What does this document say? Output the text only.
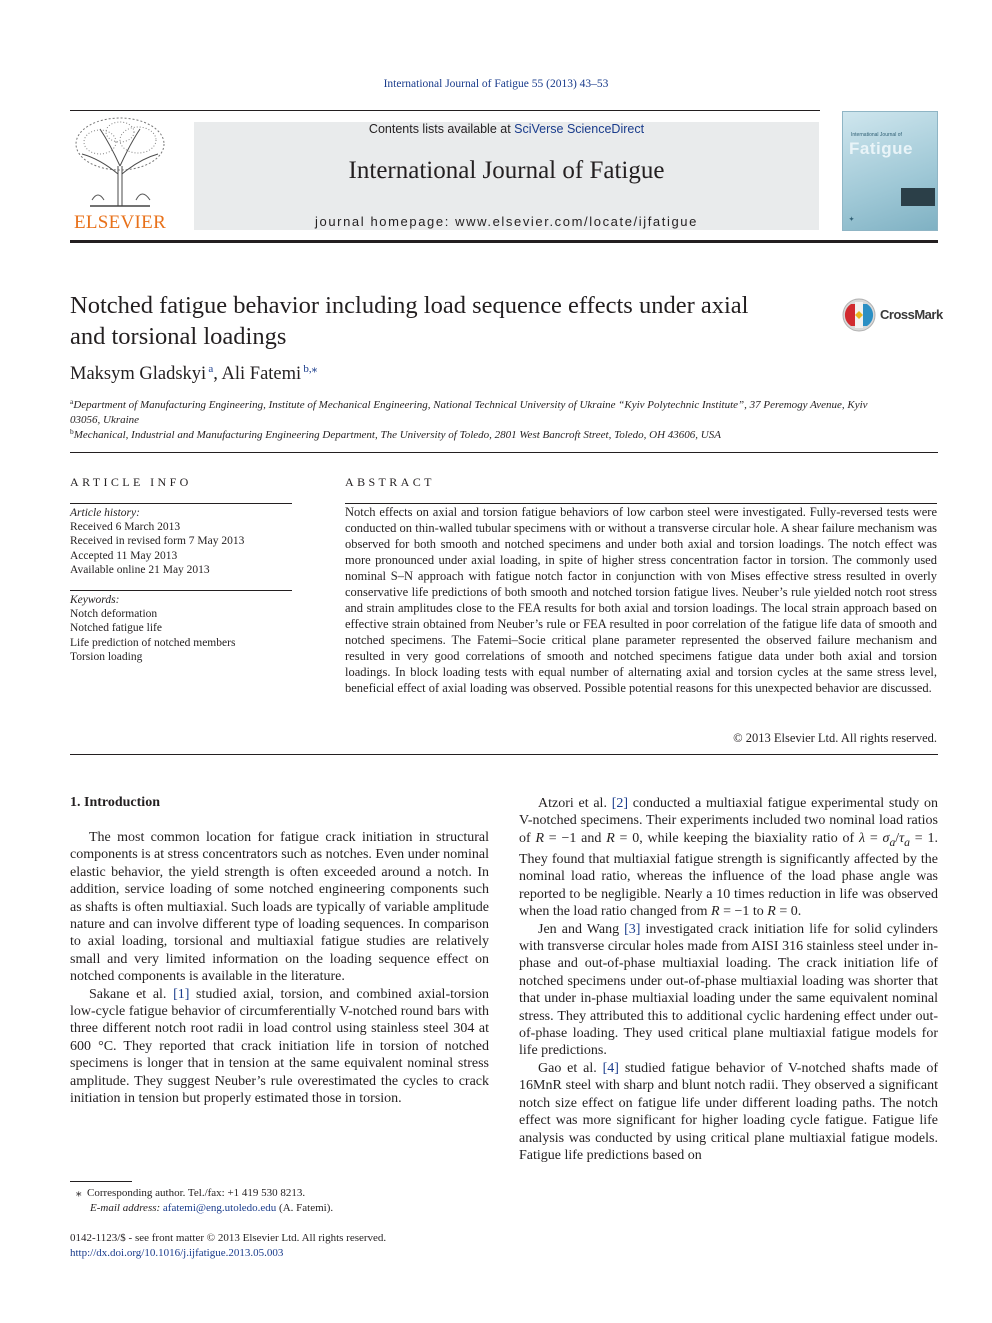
International Journal of Fatigue 55 (2013) 43–53
ELSEVIER
Contents lists available at SciVerse ScienceDirect
International Journal of Fatigue
journal homepage: www.elsevier.com/locate/ijfatigue
International Journal of
Fatigue
✦
Notched fatigue behavior including load sequence effects under axial
and torsional loadings
CrossMark
Maksym Gladskyi  $^a$, Ali Fatemi  $^{b,⁎}$
$^a$Department of Manufacturing Engineering, Institute of Mechanical Engineering, National Technical University of Ukraine “Kyiv Polytechnic Institute”, 37 Peremogy Avenue, Kyiv
03056, Ukraine
$^b$Mechanical, Industrial and Manufacturing Engineering Department, The University of Toledo, 2801 West Bancroft Street, Toledo, OH 43606, USA
ARTICLE INFO
Article history:
Received 6 March 2013
Received in revised form 7 May 2013
Accepted 11 May 2013
Available online 21 May 2013
Keywords:
Notch deformation
Notched fatigue life
Life prediction of notched members
Torsion loading
ABSTRACT
Notch effects on axial and torsion fatigue behaviors of low carbon steel were investigated. Fully-reversed tests were conducted on thin-walled tubular specimens with or without a transverse circular hole. A shear failure mechanism was observed for both smooth and notched specimens and under both axial and torsion loadings. The notch effect was more pronounced under axial loading, in spite of higher stress concentration factor in torsion. The commonly used nominal S–N approach with fatigue notch factor in conjunction with von Mises effective stress resulted in overly conservative life predictions of both smooth and notched torsion fatigue lives. Neuber’s rule yielded notch root stress and strain amplitudes close to the FEA results for both axial and torsion loadings. The local strain approach based on effective strain obtained from Neuber’s rule or FEA resulted in poor correlation of the fatigue life data of smooth and notched specimens. The Fatemi–Socie critical plane parameter represented the observed failure mechanism and resulted in very good correlations of smooth and notched specimens fatigue data under both axial and torsion loadings. In block loading tests with equal number of alternating axial and torsion cycles at the same stress level, beneficial effect of axial loading was observed. Possible potential reasons for this unexpected behavior are discussed.
© 2013 Elsevier Ltd. All rights reserved.
1. Introduction

The most common location for fatigue crack initiation in structural components is at stress concentrators such as notches. Even under nominal elastic behavior, the yield strength is often exceeded around a notch. In addition, service loading of some notched engineering components such as shafts is often multiaxial. Such loads are typically of variable amplitude nature and can involve different type of loading sequences. In comparison to axial loading, torsional and multiaxial fatigue studies are relatively small and very limited information on the loading sequence effect on notched components is available in the literature.

Sakane et al. [1] studied axial, torsion, and combined axial-torsion low-cycle fatigue behavior of circumferentially V-notched round bars with three different notch root radii in load control using stainless steel 304 at 600 °C. They reported that crack initiation life in torsion of notched specimens is longer that in tension at the same equivalent nominal stress amplitude. They suggest Neuber’s rule overestimated the cycles to crack initiation in tension but properly estimated those in torsion.

Atzori et al. [2] conducted a multiaxial fatigue experimental study on V-notched specimens. Their experiments included two nominal load ratios of R = −1 and R = 0, while keeping the biaxiality ratio of $\lambda = \sigma_a/\tau_a = 1$. They found that multiaxial fatigue strength is significantly affected by the nominal load ratio, whereas the influence of the load phase angle was reported to be negligible. Nearly a 10 times reduction in life was observed when the load ratio changed from R = −1 to R = 0.

Jen and Wang [3] investigated crack initiation life for solid cylinders with transverse circular holes made from AISI 316 stainless steel under in-phase and out-of-phase multiaxial loading. The crack initiation life of notched specimens under out-of-phase multiaxial loading was shorter that that under in-phase multiaxial loading under the same equivalent nominal stress. They attributed this to additional cyclic hardening effect under out-of-phase loading. They used critical plane multiaxial fatigue models for life predictions.

Gao et al. [4] studied fatigue behavior of V-notched shafts made of 16MnR steel with sharp and blunt notch radii. They observed a significant notch size effect on fatigue life under different loading paths. The notch effect was more significant for higher loading cycle fatigue. Fatigue life analysis was conducted by using critical plane multiaxial fatigue models. Fatigue life predictions based on

⁎ Corresponding author. Tel./fax: +1 419 530 8213.
E-mail address: afatemi@eng.utoledo.edu (A. Fatemi).
0142-1123/$ - see front matter © 2013 Elsevier Ltd. All rights reserved.
http://dx.doi.org/10.1016/j.ijfatigue.2013.05.003
